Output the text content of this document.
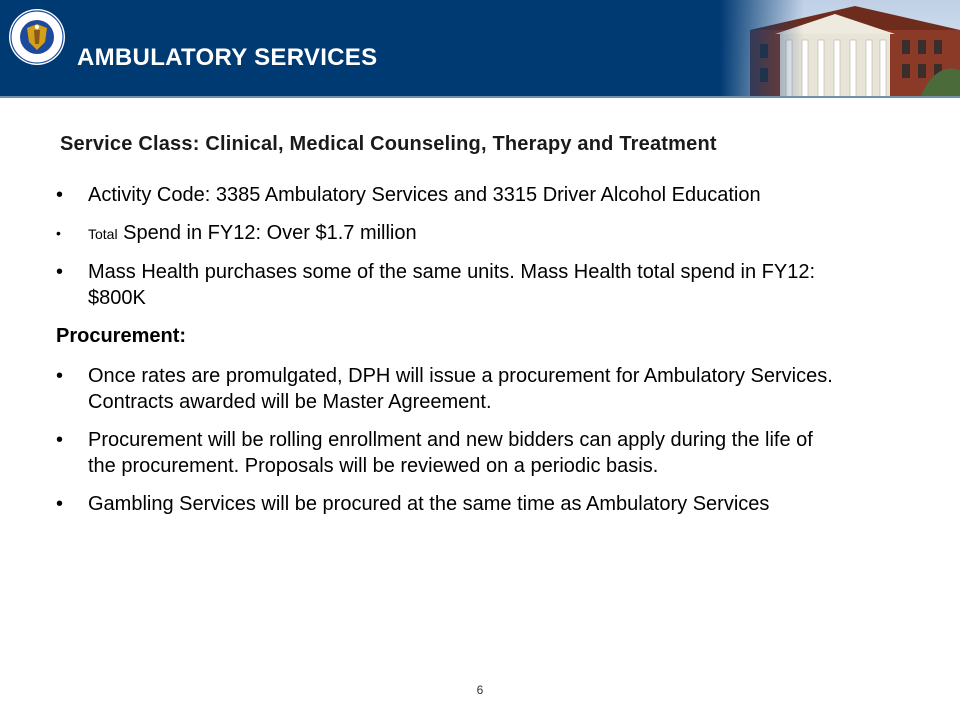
AMBULATORY SERVICES
Service Class: Clinical, Medical Counseling, Therapy and Treatment
• Activity Code: 3385 Ambulatory Services and 3315 Driver Alcohol Education
• Total Spend in FY12: Over $1.7 million
• Mass Health purchases some of the same units. Mass Health total spend in FY12: $800K
Procurement:
• Once rates are promulgated, DPH will issue a procurement for Ambulatory Services. Contracts awarded will be Master Agreement.
• Procurement will be rolling enrollment and new bidders can apply during the life of the procurement. Proposals will be reviewed on a periodic basis.
• Gambling Services will be procured at the same time as Ambulatory Services
6
